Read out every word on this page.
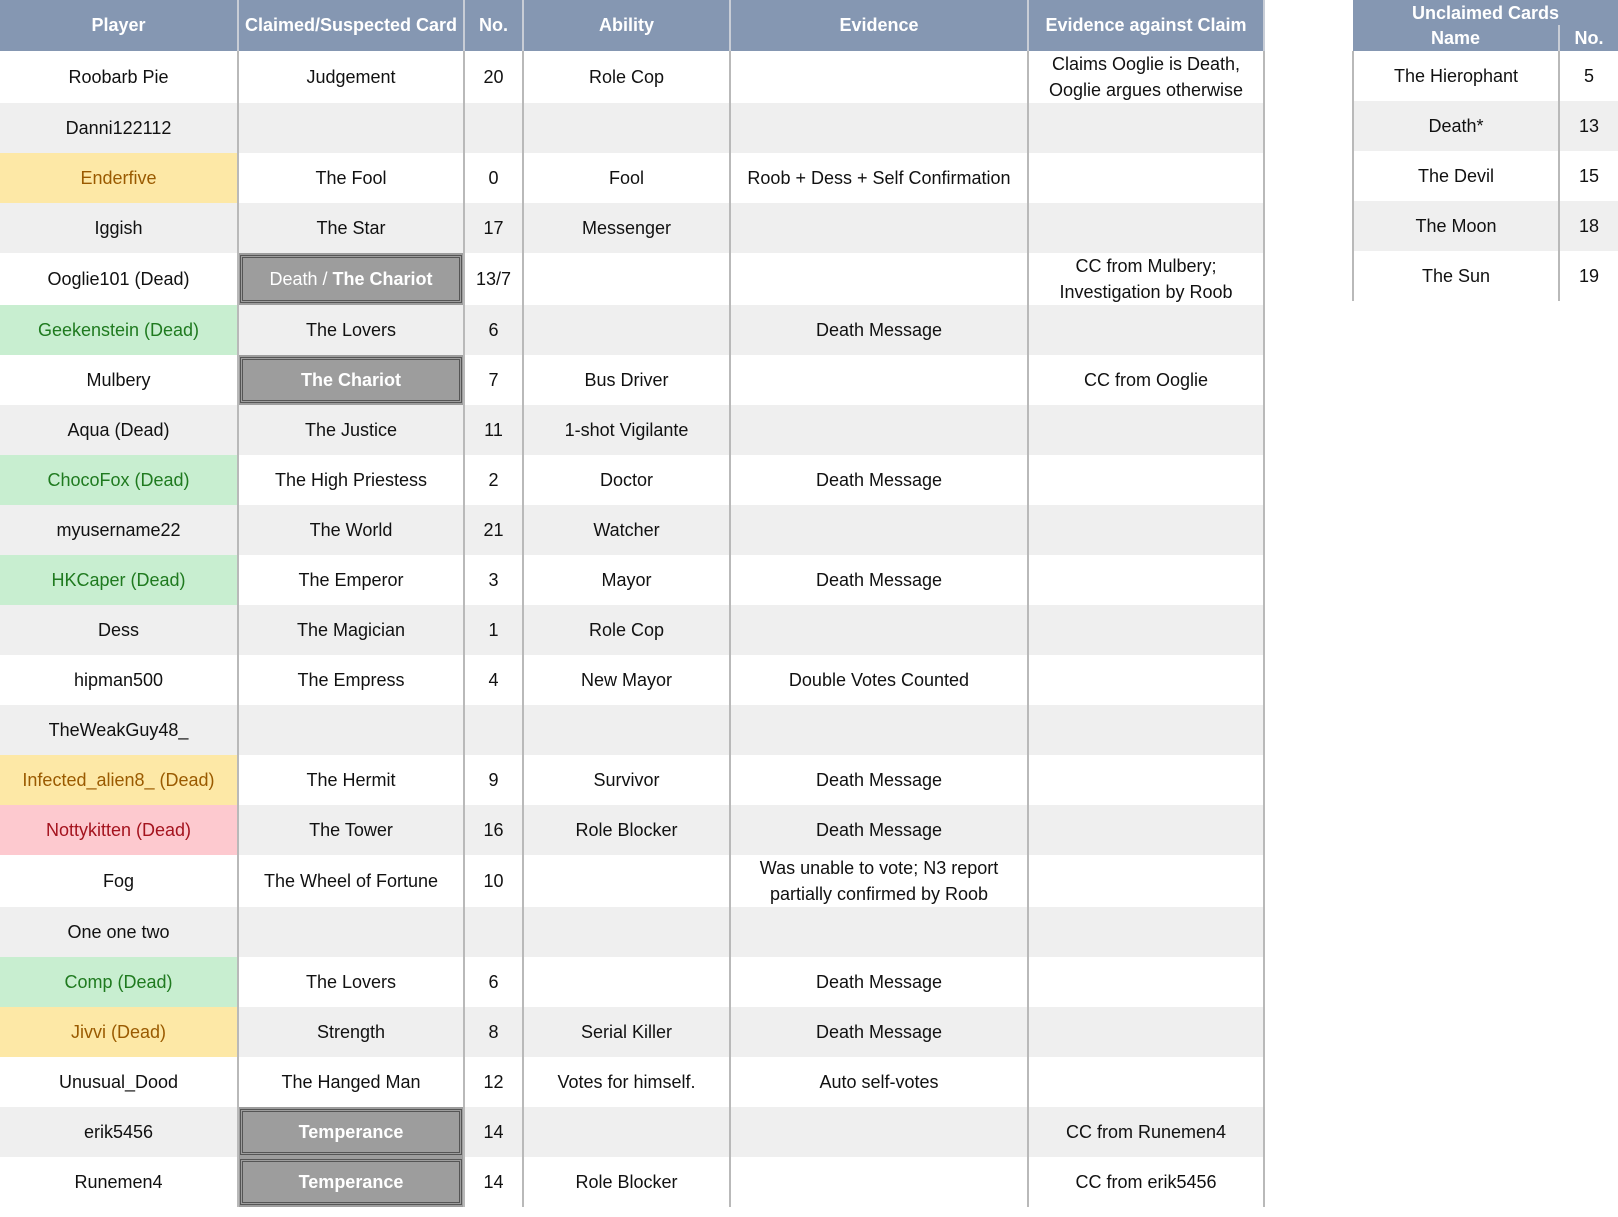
Player	Claimed/Suspected Card	No.	Ability	Evidence	Evidence against Claim
Roobarb Pie	Judgement	20	Role Cop		Claims Ooglie is Death, Ooglie argues otherwise
Danni122112					
Enderfive	The Fool	0	Fool	Roob + Dess + Self Confirmation	
Iggish	The Star	17	Messenger		
Ooglie101 (Dead)	Death / The Chariot	13/7			CC from Mulbery; Investigation by Roob
Geekenstein (Dead)	The Lovers	6		Death Message	
Mulbery	The Chariot	7	Bus Driver		CC from Ooglie
Aqua (Dead)	The Justice	11	1-shot Vigilante		
ChocoFox (Dead)	The High Priestess	2	Doctor	Death Message	
myusername22	The World	21	Watcher		
HKCaper (Dead)	The Emperor	3	Mayor	Death Message	
Dess	The Magician	1	Role Cop		
hipman500	The Empress	4	New Mayor	Double Votes Counted	
TheWeakGuy48_					
Infected_alien8_ (Dead)	The Hermit	9	Survivor	Death Message	
Nottykitten (Dead)	The Tower	16	Role Blocker	Death Message	
Fog	The Wheel of Fortune	10		Was unable to vote; N3 report partially confirmed by Roob	
One one two					
Comp (Dead)	The Lovers	6		Death Message	
Jivvi (Dead)	Strength	8	Serial Killer	Death Message	
Unusual_Dood	The Hanged Man	12	Votes for himself.	Auto self-votes	
erik5456	Temperance	14			CC from Runemen4
Runemen4	Temperance	14	Role Blocker		CC from erik5456
Unclaimed Cards	
Name	No.
The Hierophant	5
Death*	13
The Devil	15
The Moon	18
The Sun	19
